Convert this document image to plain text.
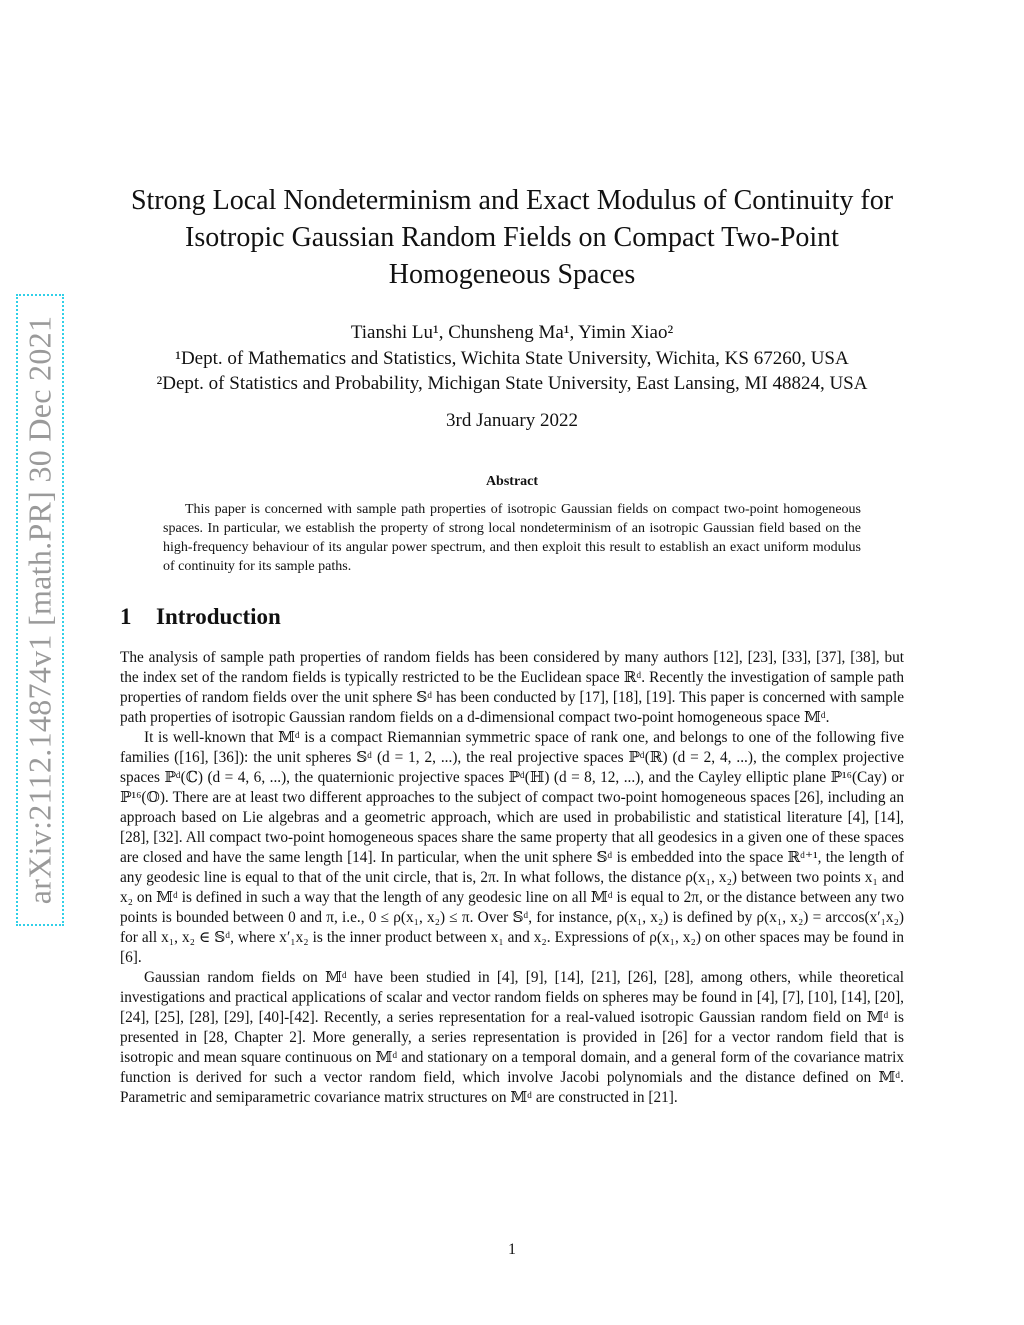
arXiv:2112.14874v1 [math.PR] 30 Dec 2021
Strong Local Nondeterminism and Exact Modulus of Continuity for Isotropic Gaussian Random Fields on Compact Two-Point Homogeneous Spaces
Tianshi Lu¹, Chunsheng Ma¹, Yimin Xiao²
¹Dept. of Mathematics and Statistics, Wichita State University, Wichita, KS 67260, USA
²Dept. of Statistics and Probability, Michigan State University, East Lansing, MI 48824, USA
3rd January 2022
Abstract

This paper is concerned with sample path properties of isotropic Gaussian fields on compact two-point homogeneous spaces. In particular, we establish the property of strong local nondeterminism of an isotropic Gaussian field based on the high-frequency behaviour of its angular power spectrum, and then exploit this result to establish an exact uniform modulus of continuity for its sample paths.

1 Introduction

The analysis of sample path properties of random fields has been considered by many authors [12], [23], [33], [37], [38], but the index set of the random fields is typically restricted to be the Euclidean space ℝᵈ. Recently the investigation of sample path properties of random fields over the unit sphere 𝕊ᵈ has been conducted by [17], [18], [19]. This paper is concerned with sample path properties of isotropic Gaussian random fields on a d-dimensional compact two-point homogeneous space 𝕄ᵈ.

It is well-known that 𝕄ᵈ is a compact Riemannian symmetric space of rank one, and belongs to one of the following five families ([16], [36]): the unit spheres 𝕊ᵈ (d = 1, 2, ...), the real projective spaces ℙᵈ(ℝ) (d = 2, 4, ...), the complex projective spaces ℙᵈ(ℂ) (d = 4, 6, ...), the quaternionic projective spaces ℙᵈ(ℍ) (d = 8, 12, ...), and the Cayley elliptic plane ℙ¹⁶(Cay) or ℙ¹⁶(𝕆). There are at least two different approaches to the subject of compact two-point homogeneous spaces [26], including an approach based on Lie algebras and a geometric approach, which are used in probabilistic and statistical literature [4], [14], [28], [32]. All compact two-point homogeneous spaces share the same property that all geodesics in a given one of these spaces are closed and have the same length [14]. In particular, when the unit sphere 𝕊ᵈ is embedded into the space ℝᵈ⁺¹, the length of any geodesic line is equal to that of the unit circle, that is, 2π. In what follows, the distance ρ(x₁, x₂) between two points x₁ and x₂ on 𝕄ᵈ is defined in such a way that the length of any geodesic line on all 𝕄ᵈ is equal to 2π, or the distance between any two points is bounded between 0 and π, i.e., 0 ≤ ρ(x₁, x₂) ≤ π. Over 𝕊ᵈ, for instance, ρ(x₁, x₂) is defined by ρ(x₁, x₂) = arccos(x′₁x₂) for all x₁, x₂ ∈ 𝕊ᵈ, where x′₁x₂ is the inner product between x₁ and x₂. Expressions of ρ(x₁, x₂) on other spaces may be found in [6].

Gaussian random fields on 𝕄ᵈ have been studied in [4], [9], [14], [21], [26], [28], among others, while theoretical investigations and practical applications of scalar and vector random fields on spheres may be found in [4], [7], [10], [14], [20], [24], [25], [28], [29], [40]-[42]. Recently, a series representation for a real-valued isotropic Gaussian random field on 𝕄ᵈ is presented in [28, Chapter 2]. More generally, a series representation is provided in [26] for a vector random field that is isotropic and mean square continuous on 𝕄ᵈ and stationary on a temporal domain, and a general form of the covariance matrix function is derived for such a vector random field, which involve Jacobi polynomials and the distance defined on 𝕄ᵈ. Parametric and semiparametric covariance matrix structures on 𝕄ᵈ are constructed in [21].

1
